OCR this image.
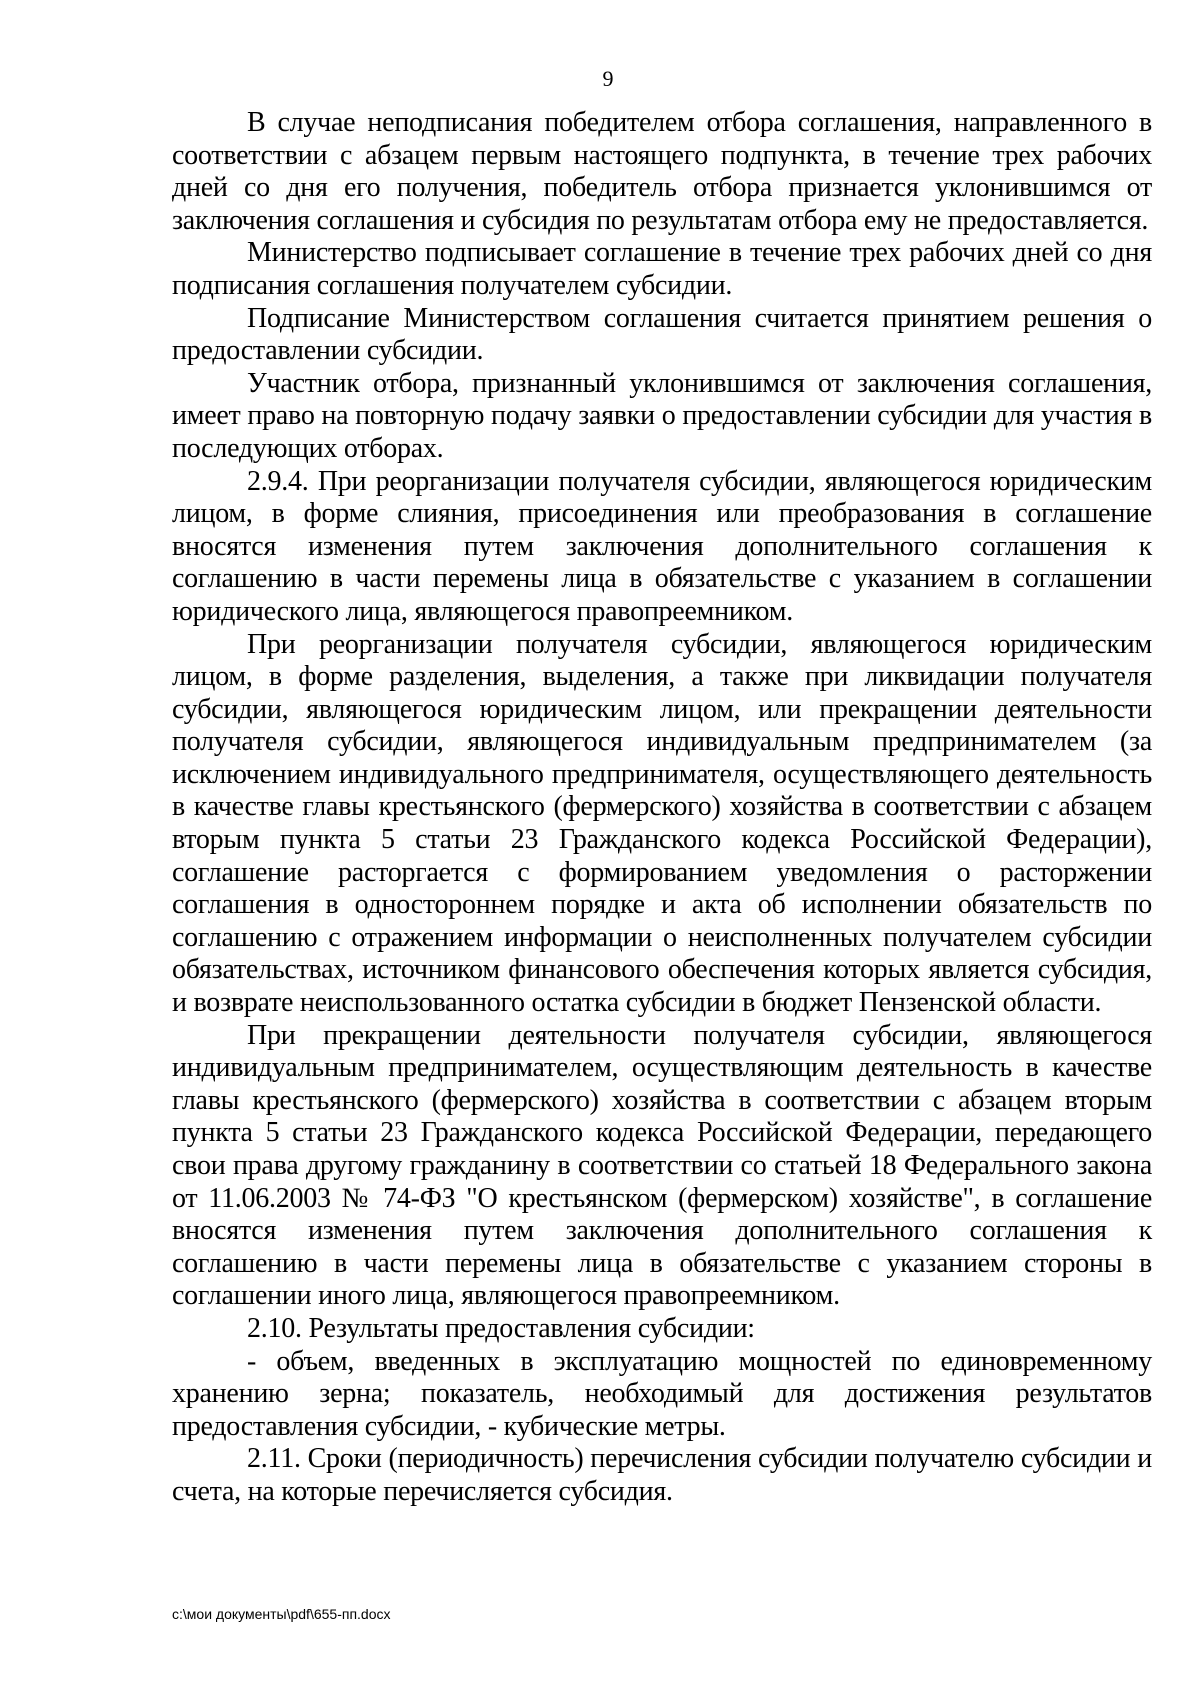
9

В случае неподписания победителем отбора соглашения, направленного в соответствии с абзацем первым настоящего подпункта, в течение трех рабочих дней со дня его получения, победитель отбора признается уклонившимся от заключения соглашения и субсидия по результатам отбора ему не предоставляется.

Министерство подписывает соглашение в течение трех рабочих дней со дня подписания соглашения получателем субсидии.

Подписание Министерством соглашения считается принятием решения о предоставлении субсидии.

Участник отбора, признанный уклонившимся от заключения соглашения, имеет право на повторную подачу заявки о предоставлении субсидии для участия в последующих отборах.

2.9.4. При реорганизации получателя субсидии, являющегося юридическим лицом, в форме слияния, присоединения или преобразования в соглашение вносятся изменения путем заключения дополнительного соглашения к соглашению в части перемены лица в обязательстве с указанием в соглашении юридического лица, являющегося правопреемником.

При реорганизации получателя субсидии, являющегося юридическим лицом, в форме разделения, выделения, а также при ликвидации получателя субсидии, являющегося юридическим лицом, или прекращении деятельности получателя субсидии, являющегося индивидуальным предпринимателем (за исключением индивидуального предпринимателя, осуществляющего деятельность в качестве главы крестьянского (фермерского) хозяйства в соответствии с абзацем вторым пункта 5 статьи 23 Гражданского кодекса Российской Федерации), соглашение расторгается с формированием уведомления о расторжении соглашения в одностороннем порядке и акта об исполнении обязательств по соглашению с отражением информации о неисполненных получателем субсидии обязательствах, источником финансового обеспечения которых является субсидия, и возврате неиспользованного остатка субсидии в бюджет Пензенской области.

При прекращении деятельности получателя субсидии, являющегося индивидуальным предпринимателем, осуществляющим деятельность в качестве главы крестьянского (фермерского) хозяйства в соответствии с абзацем вторым пункта 5 статьи 23 Гражданского кодекса Российской Федерации, передающего свои права другому гражданину в соответствии со статьей 18 Федерального закона от 11.06.2003 № 74-ФЗ "О крестьянском (фермерском) хозяйстве", в соглашение вносятся изменения путем заключения дополнительного соглашения к соглашению в части перемены лица в обязательстве с указанием стороны в соглашении иного лица, являющегося правопреемником.

2.10. Результаты предоставления субсидии:

- объем, введенных в эксплуатацию мощностей по единовременному хранению зерна; показатель, необходимый для достижения результатов предоставления субсидии, - кубические метры.

2.11. Сроки (периодичность) перечисления субсидии получателю субсидии и счета, на которые перечисляется субсидия.

c:\мои документы\pdf\655-пп.docx
